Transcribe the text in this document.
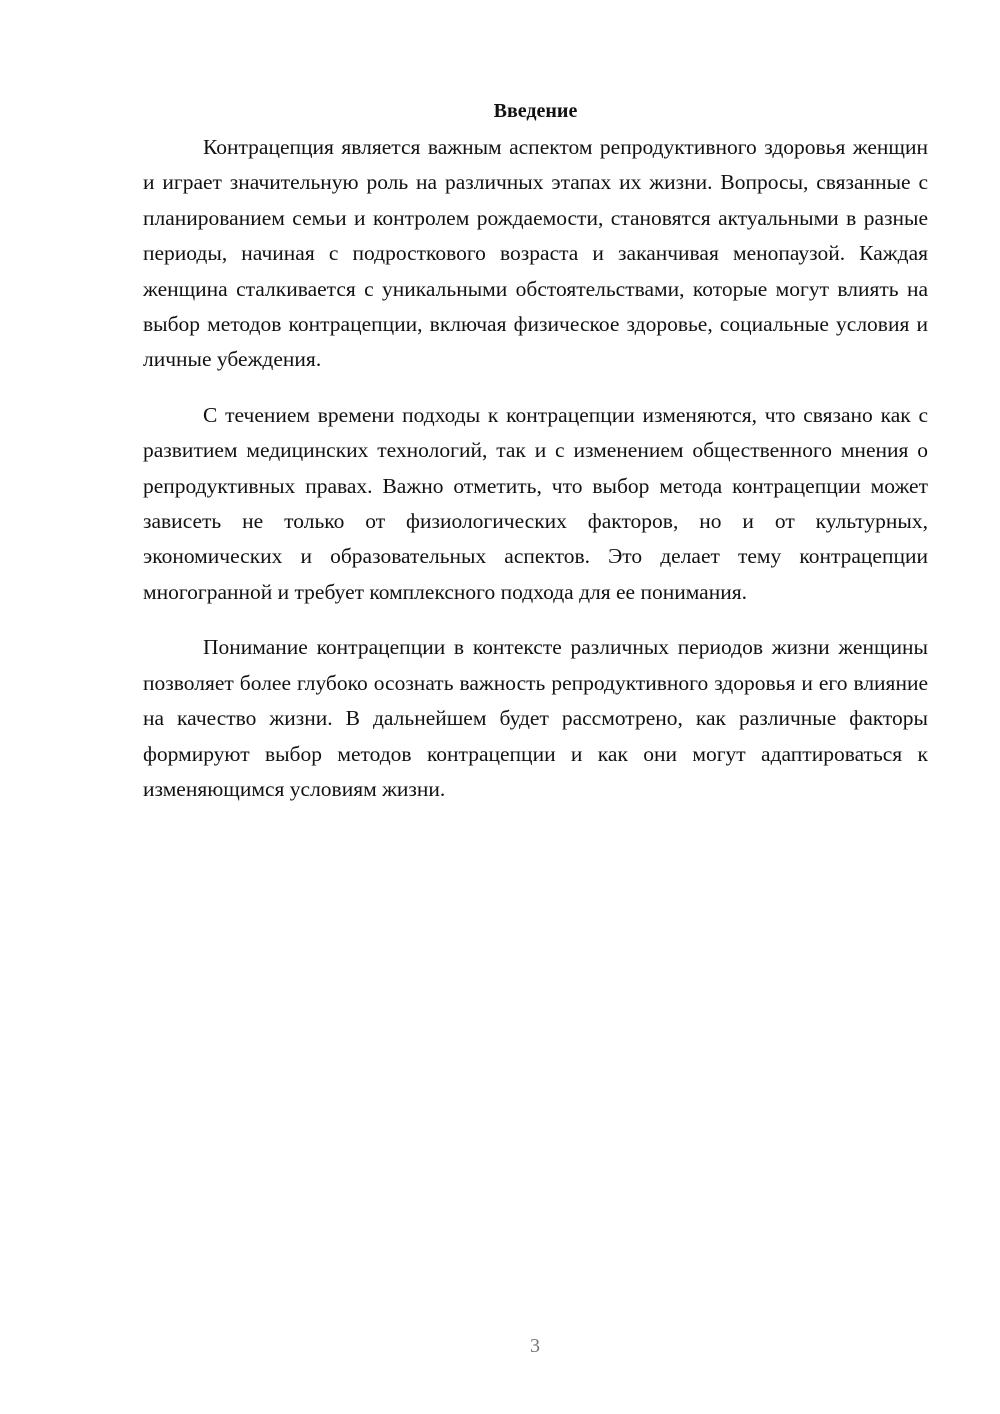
Введение

Контрацепция является важным аспектом репродуктивного здоровья женщин и играет значительную роль на различных этапах их жизни. Вопросы, связанные с планированием семьи и контролем рождаемости, становятся актуальными в разные периоды, начиная с подросткового возраста и заканчивая менопаузой. Каждая женщина сталкивается с уникальными обстоятельствами, которые могут влиять на выбор методов контрацепции, включая физическое здоровье, социальные условия и личные убеждения.

С течением времени подходы к контрацепции изменяются, что связано как с развитием медицинских технологий, так и с изменением общественного мнения о репродуктивных правах. Важно отметить, что выбор метода контрацепции может зависеть не только от физиологических факторов, но и от культурных, экономических и образовательных аспектов. Это делает тему контрацепции многогранной и требует комплексного подхода для ее понимания.

Понимание контрацепции в контексте различных периодов жизни женщины позволяет более глубоко осознать важность репродуктивного здоровья и его влияние на качество жизни. В дальнейшем будет рассмотрено, как различные факторы формируют выбор методов контрацепции и как они могут адаптироваться к изменяющимся условиям жизни.

3
